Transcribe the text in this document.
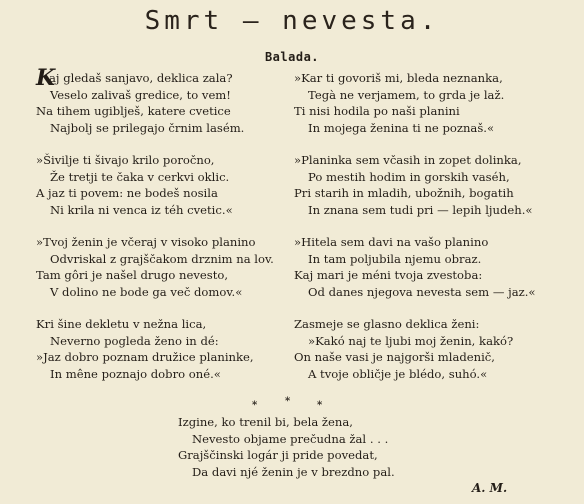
Smrt — nevesta.
Balada.
K
aj gledaš sanjavo, deklica zala?
Veselo zalivaš gredice, to vem!
Na tihem ugibljеš, katere cvetice
Najbolj se prilegajo črnim lasém.
»Šivilje ti šivajo krilo poročno,
Že tretji te čaka v cerkvi oklic.
A jaz ti povem: ne bodeš nosila
Ni krila ni venca iz téh cvetic.«
»Tvoj ženin je včeraj v visoko planino
Odvriskal z grajščakom drznim na lov.
Tam gôri je našel drugo nevesto,
V dolino ne bode ga več domov.«
Kri šine dekletu v nežna lica,
Neverno pogleda ženo in dé:
»Jaz dobro poznam družice planinke,
In mêne poznajo dobro oné.«
»Kar ti govoriš mi, bleda neznanka,
Tegà ne verjamem, to grda je laž.
Ti nisi hodila po naši planini
In mojega ženina ti ne poznaš.«
»Planinka sem včasih in zopet dolinka,
Po mestih hodim in gorskih vaséh,
Pri starih in mladih, ubožnih, bogatih
In znana sem tudi pri — lepih ljudeh.«
»Hitela sem davi na vašo planino
In tam poljubila njemu obraz.
Kaj mari je méni tvoja zvestoba:
Od danes njegova nevesta sem — jaz.«
Zasmeje se glasno deklica ženi:
»Kakó naj te ljubi moj ženin, kakó?
On naše vasi je najgorši mladenič,
A tvoje obličje je blédo, suhó.«
*	*	*
Izgine, ko trenil bi, bela žena,
Nevesto objame prečudna žal . . .
Grajščinski logár ji pride povedat,
Da davi njé ženin je v brezdno pal.
A. M.
